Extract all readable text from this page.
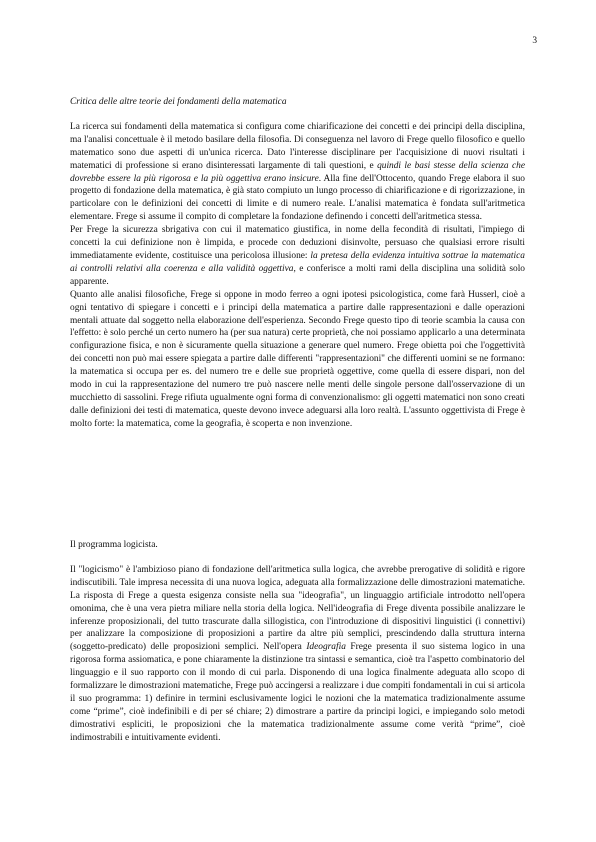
3
Critica delle altre teorie dei fondamenti della matematica

La ricerca sui fondamenti della matematica si configura come chiarificazione dei concetti e dei principi della disciplina, ma l'analisi concettuale è il metodo basilare della filosofia. Di conseguenza nel lavoro di Frege quello filosofico e quello matematico sono due aspetti di un'unica ricerca. Dato l'interesse disciplinare per l'acquisizione di nuovi risultati i matematici di professione si erano disinteressati largamente di tali questioni, e quindi le basi stesse della scienza che dovrebbe essere la più rigorosa e la più oggettiva erano insicure. Alla fine dell'Ottocento, quando Frege elabora il suo progetto di fondazione della matematica, è già stato compiuto un lungo processo di chiarificazione e di rigorizzazione, in particolare con le definizioni dei concetti di limite e di numero reale. L'analisi matematica è fondata sull'aritmetica elementare. Frege si assume il compito di completare la fondazione definendo i concetti dell'aritmetica stessa.

Per Frege la sicurezza sbrigativa con cui il matematico giustifica, in nome della fecondità di risultati, l'impiego di concetti la cui definizione non è limpida, e procede con deduzioni disinvolte, persuaso che qualsiasi errore risulti immediatamente evidente, costituisce una pericolosa illusione: la pretesa della evidenza intuitiva sottrae la matematica ai controlli relativi alla coerenza e alla validità oggettiva, e conferisce a molti rami della disciplina una solidità solo apparente.

Quanto alle analisi filosofiche, Frege si oppone in modo ferreo a ogni ipotesi psicologistica, come farà Husserl, cioè a ogni tentativo di spiegare i concetti e i principi della matematica a partire dalle rappresentazioni e dalle operazioni mentali attuate dal soggetto nella elaborazione dell'esperienza. Secondo Frege questo tipo di teorie scambia la causa con l'effetto: è solo perché un certo numero ha (per sua natura) certe proprietà, che noi possiamo applicarlo a una determinata configurazione fisica, e non è sicuramente quella situazione a generare quel numero. Frege obietta poi che l'oggettività dei concetti non può mai essere spiegata a partire dalle differenti "rappresentazioni" che differenti uomini se ne formano: la matematica si occupa per es. del numero tre e delle sue proprietà oggettive, come quella di essere dispari, non del modo in cui la rappresentazione del numero tre può nascere nelle menti delle singole persone dall'osservazione di un mucchietto di sassolini. Frege rifiuta ugualmente ogni forma di convenzionalismo: gli oggetti matematici non sono creati dalle definizioni dei testi di matematica, queste devono invece adeguarsi alla loro realtà. L'assunto oggettivista di Frege è molto forte: la matematica, come la geografia, è scoperta e non invenzione.

Il programma logicista.

Il "logicismo" è l'ambizioso piano di fondazione dell'aritmetica sulla logica, che avrebbe prerogative di solidità e rigore indiscutibili. Tale impresa necessita di una nuova logica, adeguata alla formalizzazione delle dimostrazioni matematiche. La risposta di Frege a questa esigenza consiste nella sua "ideografia", un linguaggio artificiale introdotto nell'opera omonima, che è una vera pietra miliare nella storia della logica. Nell'ideografia di Frege diventa possibile analizzare le inferenze proposizionali, del tutto trascurate dalla sillogistica, con l'introduzione di dispositivi linguistici (i connettivi) per analizzare la composizione di proposizioni a partire da altre più semplici, prescindendo dalla struttura interna (soggetto-predicato) delle proposizioni semplici. Nell'opera Ideografia Frege presenta il suo sistema logico in una rigorosa forma assiomatica, e pone chiaramente la distinzione tra sintassi e semantica, cioè tra l'aspetto combinatorio del linguaggio e il suo rapporto con il mondo di cui parla. Disponendo di una logica finalmente adeguata allo scopo di formalizzare le dimostrazioni matematiche, Frege può accingersi a realizzare i due compiti fondamentali in cui si articola il suo programma: 1) definire in termini esclusivamente logici le nozioni che la matematica tradizionalmente assume come “prime”, cioè indefinibili e di per sé chiare; 2) dimostrare a partire da principi logici, e impiegando solo metodi dimostrativi espliciti, le proposizioni che la matematica tradizionalmente assume come verità “prime”, cioè indimostrabili e intuitivamente evidenti.
